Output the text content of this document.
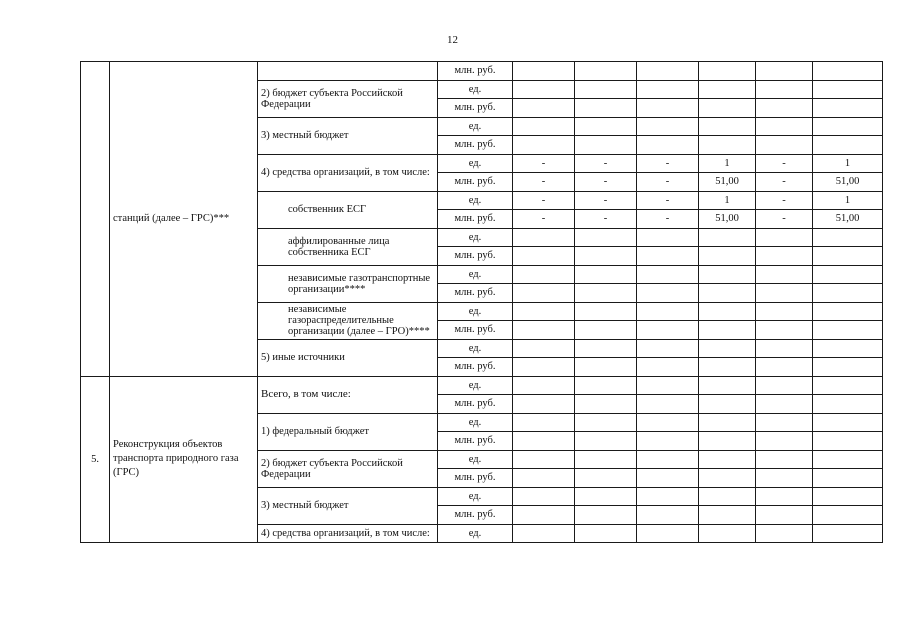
12
	станций (далее – ГРС)***		млн. руб.						
		2) бюджет субъекта Российской Федерации	ед.						
			млн. руб.						
		3) местный бюджет	ед.						
			млн. руб.						
		4) средства организаций, в том числе:	ед.	-	-	-	1	-	1
			млн. руб.	-	-	-	51,00	-	51,00
		собственник ЕСГ	ед.	-	-	-	1	-	1
			млн. руб.	-	-	-	51,00	-	51,00
		аффилированные лица собственника ЕСГ	ед.						
			млн. руб.						
		независимые газотранспортные организации****	ед.						
			млн. руб.						
		независимые газораспределительные организации (далее – ГРО)****	ед.						
			млн. руб.						
		5) иные источники	ед.						
			млн. руб.						
5.	Реконструкция объектов транспорта природного газа (ГРС)	Всего, в том числе:	ед.						
			млн. руб.						
		1) федеральный бюджет	ед.						
			млн. руб.						
		2) бюджет субъекта Российской Федерации	ед.						
			млн. руб.						
		3) местный бюджет	ед.						
			млн. руб.						
		4) средства организаций, в том числе:	ед.						
